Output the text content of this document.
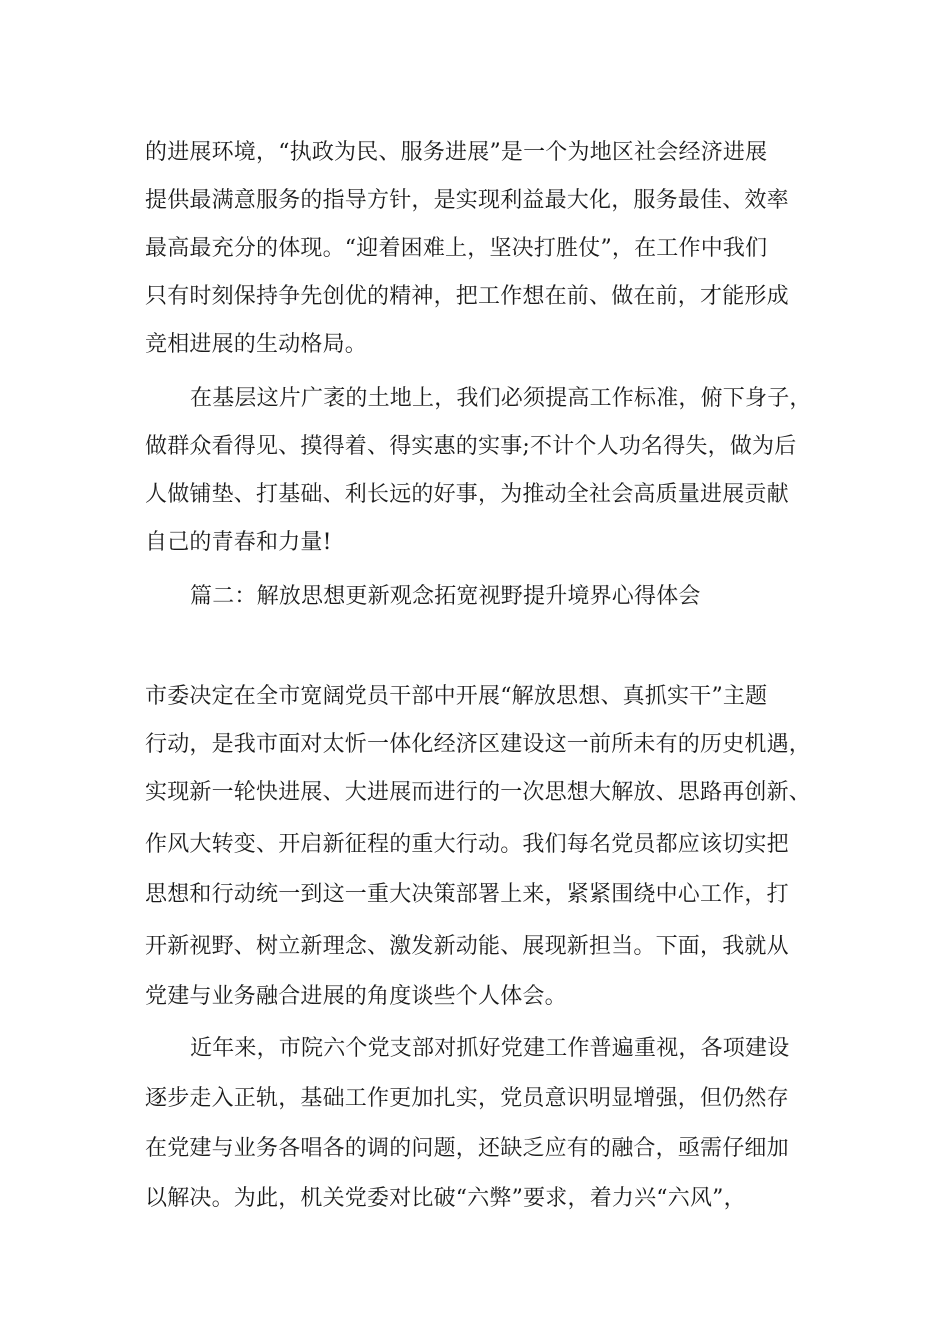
的进展环境，“执政为民、服务进展”是一个为地区社会经济进展
提供最满意服务的指导方针，是实现利益最大化，服务最佳、效率
最高最充分的体现。“迎着困难上，坚决打胜仗”，在工作中我们
只有时刻保持争先创优的精神，把工作想在前、做在前，才能形成
竞相进展的生动格局。
在基层这片广袤的土地上，我们必须提高工作标准，俯下身子，
做群众看得见、摸得着、得实惠的实事;不计个人功名得失，做为后
人做铺垫、打基础、利长远的好事，为推动全社会高质量进展贡献
自己的青春和力量!
篇二：解放思想更新观念拓宽视野提升境界心得体会
市委决定在全市宽阔党员干部中开展“解放思想、真抓实干”主题
行动，是我市面对太忻一体化经济区建设这一前所未有的历史机遇，
实现新一轮快进展、大进展而进行的一次思想大解放、思路再创新、
作风大转变、开启新征程的重大行动。我们每名党员都应该切实把
思想和行动统一到这一重大决策部署上来，紧紧围绕中心工作，打
开新视野、树立新理念、激发新动能、展现新担当。下面，我就从
党建与业务融合进展的角度谈些个人体会。
近年来，市院六个党支部对抓好党建工作普遍重视，各项建设
逐步走入正轨，基础工作更加扎实，党员意识明显增强，但仍然存
在党建与业务各唱各的调的问题，还缺乏应有的融合，亟需仔细加
以解决。为此，机关党委对比破“六弊”要求，着力兴“六风”，
